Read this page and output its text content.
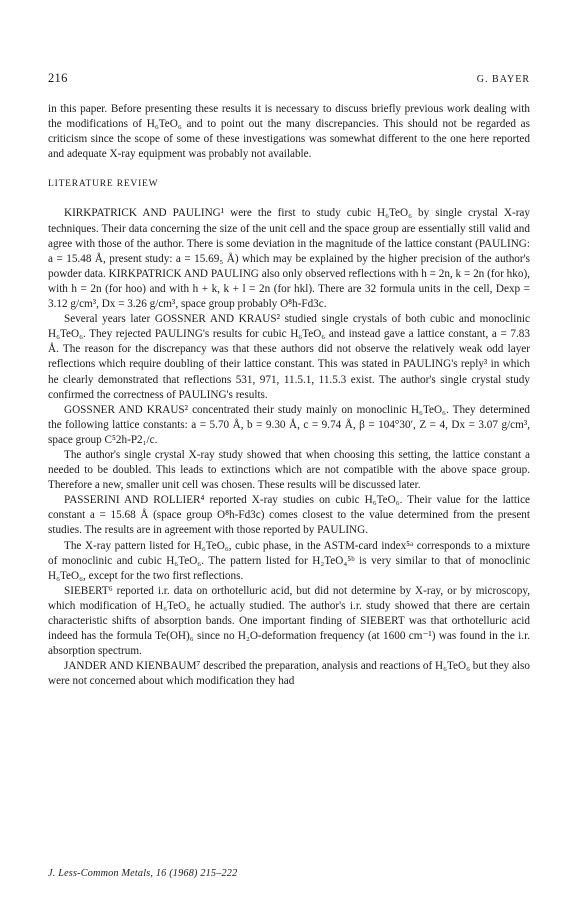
216	G. BAYER

in this paper. Before presenting these results it is necessary to discuss briefly previous work dealing with the modifications of H₆TeO₆ and to point out the many discrepancies. This should not be regarded as criticism since the scope of some of these investigations was somewhat different to the one here reported and adequate X-ray equipment was probably not available.

LITERATURE REVIEW

KIRKPATRICK AND PAULING¹ were the first to study cubic H₆TeO₆ by single crystal X-ray techniques. Their data concerning the size of the unit cell and the space group are essentially still valid and agree with those of the author. There is some deviation in the magnitude of the lattice constant (PAULING: a = 15.48 Å, present study: a = 15.69₅ Å) which may be explained by the higher precision of the author's powder data. KIRKPATRICK AND PAULING also only observed reflections with h = 2n, k = 2n (for hko), with h = 2n (for hoo) and with h + k, k + l = 2n (for hkl). There are 32 formula units in the cell, Dexp = 3.12 g/cm³, Dx = 3.26 g/cm³, space group probably O⁸h-Fd3c.

Several years later GOSSNER AND KRAUS² studied single crystals of both cubic and monoclinic H₆TeO₆. They rejected PAULING's results for cubic H₆TeO₆ and instead gave a lattice constant, a = 7.83 Å. The reason for the discrepancy was that these authors did not observe the relatively weak odd layer reflections which require doubling of their lattice constant. This was stated in PAULING's reply³ in which he clearly demonstrated that reflections 531, 971, 11.5.1, 11.5.3 exist. The author's single crystal study confirmed the correctness of PAULING's results.

GOSSNER AND KRAUS² concentrated their study mainly on monoclinic H₆TeO₆. They determined the following lattice constants: a = 5.70 Å, b = 9.30 Å, c = 9.74 Å, β = 104°30′, Z = 4, Dx = 3.07 g/cm³, space group C⁵2h-P2₁/c.

The author's single crystal X-ray study showed that when choosing this setting, the lattice constant a needed to be doubled. This leads to extinctions which are not compatible with the above space group. Therefore a new, smaller unit cell was chosen. These results will be discussed later.

PASSERINI AND ROLLIER⁴ reported X-ray studies on cubic H₆TeO₆. Their value for the lattice constant a = 15.68 Å (space group O⁸h-Fd3c) comes closest to the value determined from the present studies. The results are in agreement with those reported by PAULING.

The X-ray pattern listed for H₆TeO₆, cubic phase, in the ASTM-card index⁵ᵃ corresponds to a mixture of monoclinic and cubic H₆TeO₆. The pattern listed for H₂TeO₄⁵ᵇ is very similar to that of monoclinic H₆TeO₆, except for the two first reflections.

SIEBERT⁶ reported i.r. data on orthotelluric acid, but did not determine by X-ray, or by microscopy, which modification of H₆TeO₆ he actually studied. The author's i.r. study showed that there are certain characteristic shifts of absorption bands. One important finding of SIEBERT was that orthotelluric acid indeed has the formula Te(OH)₆ since no H₂O-deformation frequency (at 1600 cm⁻¹) was found in the i.r. absorption spectrum.

JANDER AND KIENBAUM⁷ described the preparation, analysis and reactions of H₆TeO₆ but they also were not concerned about which modification they had

J. Less-Common Metals, 16 (1968) 215–222
